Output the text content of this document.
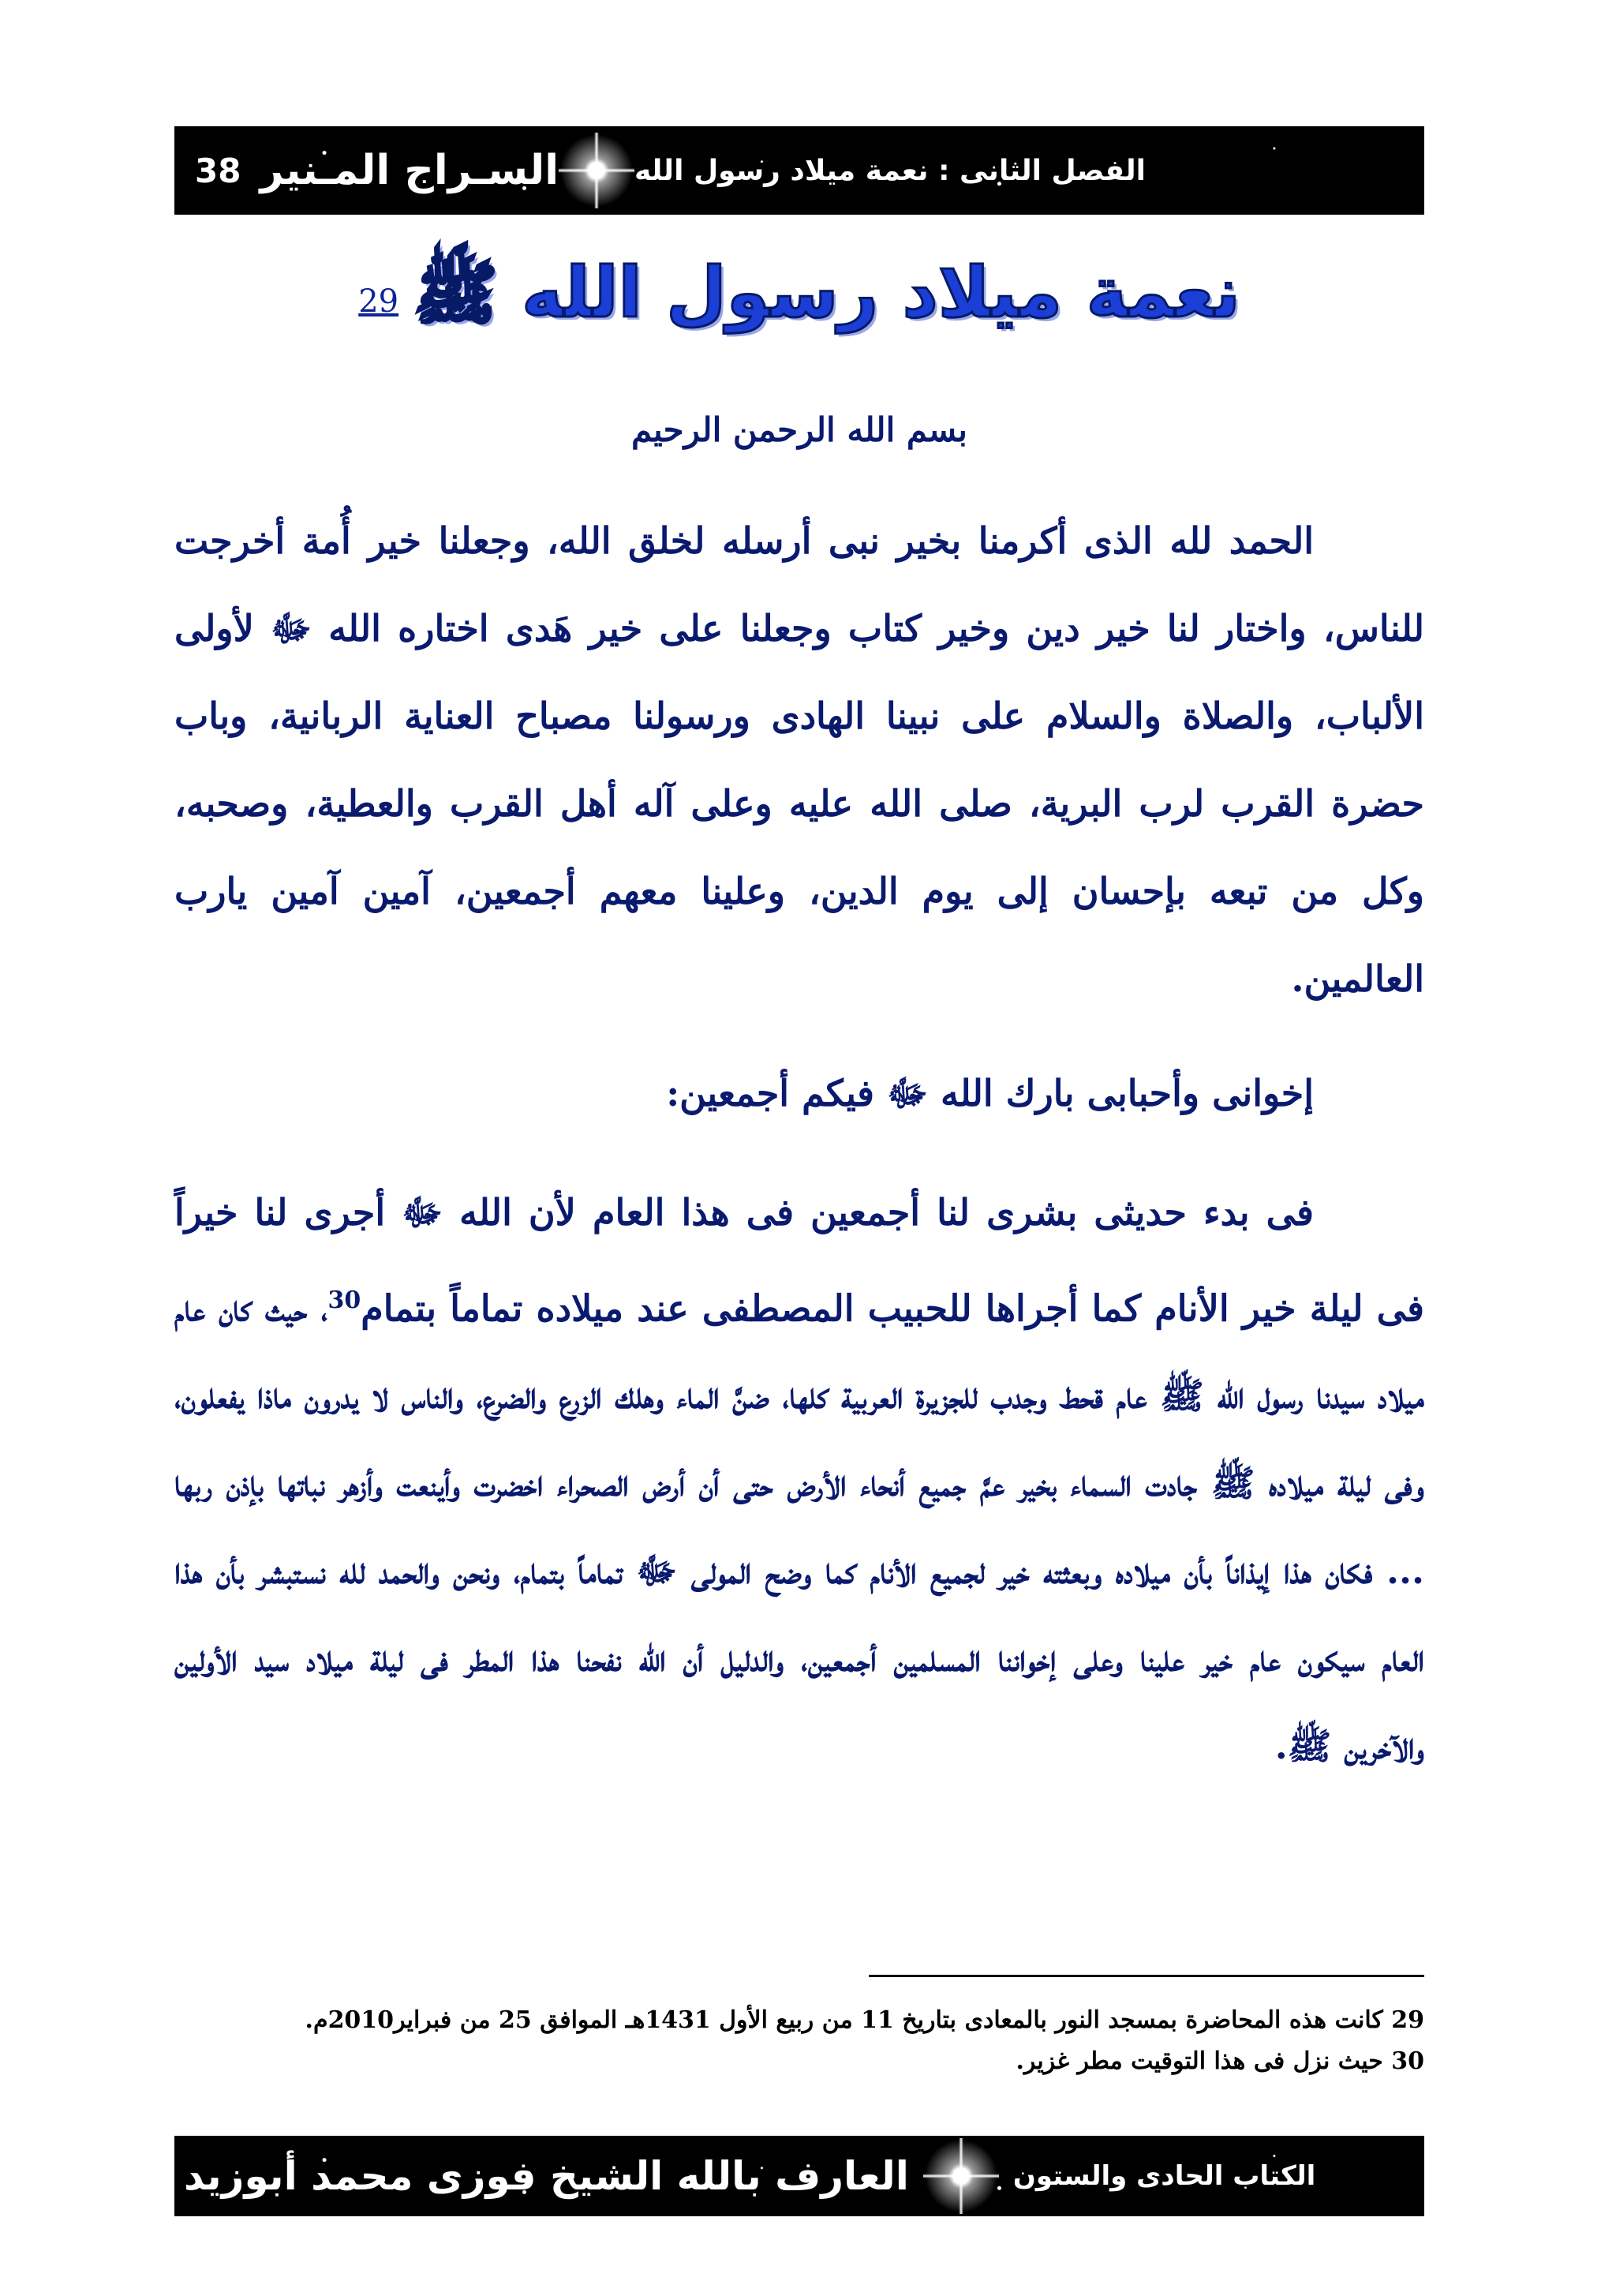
38 السـراج المـنير	الفصل الثانى : نعمة ميلاد رسول الله
نعمة ميلاد رسول الله ﷺ $^{29}$
بسم الله الرحمن الرحيم

الحمد لله الذى أكرمنا بخير نبى أرسله لخلق الله، وجعلنا خير أُمة أخرجت للناس، واختار لنا خير دين وخير كتاب وجعلنا على خير هَدى اختاره الله ﷻ لأولى الألباب، والصلاة والسلام على نبينا الهادى ورسولنا مصباح العناية الربانية، وباب حضرة القرب لرب البرية، صلى الله عليه وعلى آله أهل القرب والعطية، وصحبه، وكل من تبعه بإحسان إلى يوم الدين، وعلينا معهم أجمعين، آمين آمين يارب العالمين.

إخوانى وأحبابى بارك الله ﷻ فيكم أجمعين:

فى بدء حديثى بشرى لنا أجمعين فى هذا العام لأن الله ﷻ أجرى لنا خيراً فى ليلة خير الأنام كما أجراها للحبيب المصطفى عند ميلاده تماماً بتمام$^{30}$، حيث كان عام ميلاد سيدنا رسول الله ﷺ عام قحط وجدب للجزيرة العربية كلها، ضنَّ الماء وهلك الزرع والضرع، والناس لا يدرون ماذا يفعلون، وفى ليلة ميلاده ﷺ جادت السماء بخير عمَّ جميع أنحاء الأرض حتى أن أرض الصحراء اخضرت وأينعت وأزهر نباتها بإذن ربها ... فكان هذا إيذاناً بأن ميلاده وبعثته خير لجميع الأنام كما وضح المولى ﷻ تماماً بتمام، ونحن والحمد لله نستبشر بأن هذا العام سيكون عام خير علينا وعلى إخواننا المسلمين أجمعين، والدليل أن الله نفحنا هذا المطر فى ليلة ميلاد سيد الأولين والآخرين ﷺ.

29 كانت هذه المحاضرة بمسجد النور بالمعادى بتاريخ 11 من ربيع الأول 1431هـ الموافق 25 من فبراير2010م.
30 حيث نزل فى هذا التوقيت مطر غزير.
العارف بالله الشيخ فوزى محمد أبوزيد	الكتاب الحادى والستون
